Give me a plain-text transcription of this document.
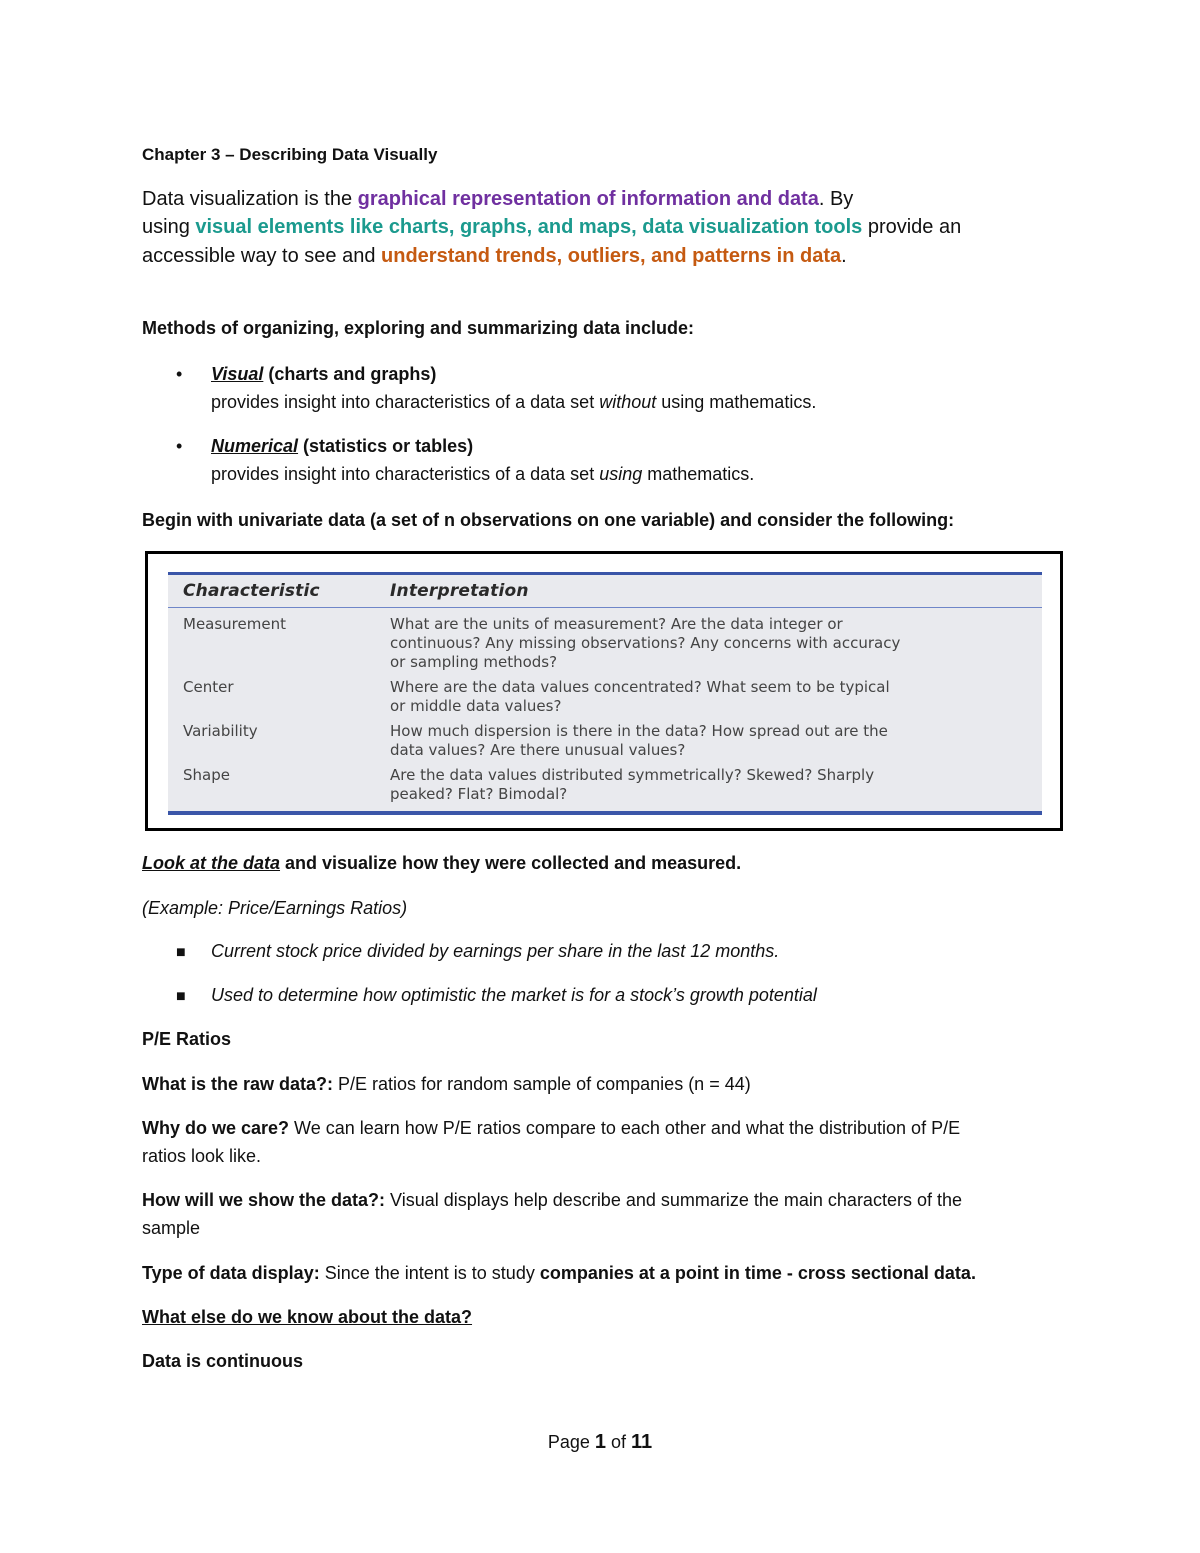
Chapter 3 – Describing Data Visually
Data visualization is the graphical representation of information and data. By
using visual elements like charts, graphs, and maps, data visualization tools provide an
accessible way to see and understand trends, outliers, and patterns in data.
Methods of organizing, exploring and summarizing data include:
• Visual (charts and graphs)
provides insight into characteristics of a data set without using mathematics.
• Numerical (statistics or tables)
provides insight into characteristics of a data set using mathematics.
Begin with univariate data (a set of n observations on one variable) and consider the following:
Characteristic	Interpretation
Measurement	What are the units of measurement? Are the data integer or
continuous? Any missing observations? Any concerns with accuracy
or sampling methods?
Center	Where are the data values concentrated? What seem to be typical
or middle data values?
Variability	How much dispersion is there in the data? How spread out are the
data values? Are there unusual values?
Shape	Are the data values distributed symmetrically? Skewed? Sharply
peaked? Flat? Bimodal?
Look at the data and visualize how they were collected and measured.
(Example: Price/Earnings Ratios)
■ Current stock price divided by earnings per share in the last 12 months.
■ Used to determine how optimistic the market is for a stock’s growth potential
P/E Ratios
What is the raw data?: P/E ratios for random sample of companies (n = 44)
Why do we care? We can learn how P/E ratios compare to each other and what the distribution of P/E
ratios look like.
How will we show the data?: Visual displays help describe and summarize the main characters of the
sample
Type of data display: Since the intent is to study companies at a point in time - cross sectional data.
What else do we know about the data?
Data is continuous
Page 1 of 11
